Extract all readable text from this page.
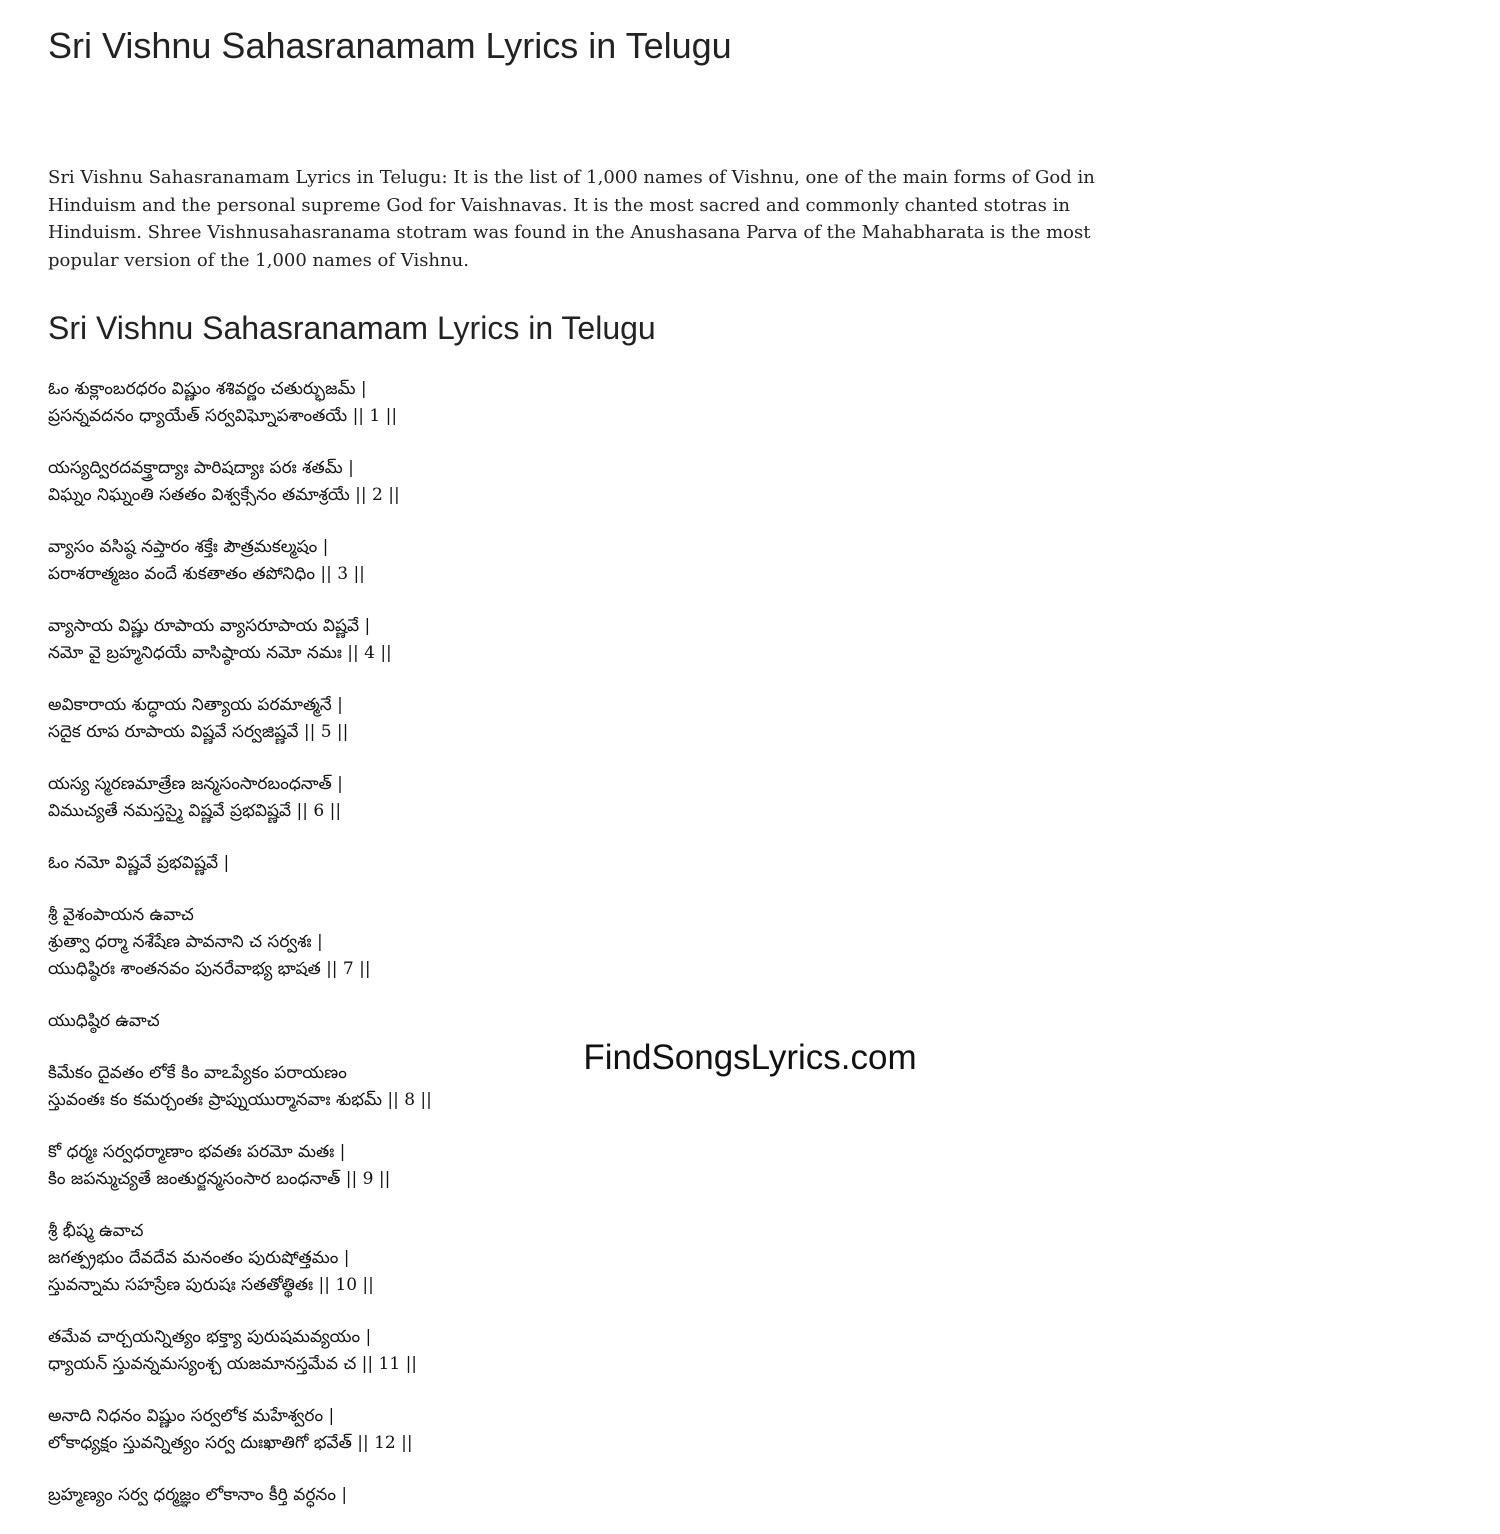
Sri Vishnu Sahasranamam Lyrics in Telugu

Sri Vishnu Sahasranamam Lyrics in Telugu: It is the list of 1,000 names of Vishnu, one of the main forms of God in Hinduism and the personal supreme God for Vaishnavas. It is the most sacred and commonly chanted stotras in Hinduism. Shree Vishnusahasranama stotram was found in the Anushasana Parva of the Mahabharata is the most popular version of the 1,000 names of Vishnu.

Sri Vishnu Sahasranamam Lyrics in Telugu

ఓం శుక్లాంబరధరం విష్ణుం శశివర్ణం చతుర్భుజమ్ |
ప్రసన్నవదనం ధ్యాయేత్ సర్వవిఘ్నోపశాంతయే || 1 ||

యస్యద్విరదవక్త్రాద్యాః పారిషద్యాః పరః శతమ్ |
విఘ్నం నిఘ్నంతి సతతం విశ్వక్సేనం తమాశ్రయే || 2 ||

వ్యాసం వసిష్ఠ నప్తారం శక్తేః పౌత్రమకల్మషం |
పరాశరాత్మజం వందే శుకతాతం తపోనిధిం || 3 ||

వ్యాసాయ విష్ణు రూపాయ వ్యాసరూపాయ విష్ణవే |
నమో వై బ్రహ్మనిధయే వాసిష్ఠాయ నమో నమః || 4 ||

అవికారాయ శుద్ధాయ నిత్యాయ పరమాత్మనే |
సదైక రూప రూపాయ విష్ణవే సర్వజిష్ణవే || 5 ||

యస్య స్మరణమాత్రేణ జన్మసంసారబంధనాత్ |
విముచ్యతే నమస్తస్మై విష్ణవే ప్రభవిష్ణవే || 6 ||

ఓం నమో విష్ణవే ప్రభవిష్ణవే |

శ్రీ వైశంపాయన ఉవాచ
శ్రుత్వా ధర్మా నశేషేణ పావనాని చ సర్వశః |
యుధిష్ఠిరః శాంతనవం పునరేవాభ్య భాషత || 7 ||

యుధిష్ఠిర ఉవాచ

కిమేకం దైవతం లోకే కిం వాఽప్యేకం పరాయణం
స్తువంతః కం కమర్చంతః ప్రాప్నుయుర్మానవాః శుభమ్ || 8 ||

కో ధర్మః సర్వధర్మాణాం భవతః పరమో మతః |
కిం జపన్ముచ్యతే జంతుర్జన్మసంసార బంధనాత్ || 9 ||

శ్రీ భీష్మ ఉవాచ
జగత్ప్రభుం దేవదేవ మనంతం పురుషోత్తమం |
స్తువన్నామ సహస్రేణ పురుషః సతతోత్థితః || 10 ||

తమేవ చార్చయన్నిత్యం భక్త్యా పురుషమవ్యయం |
ధ్యాయన్ స్తువన్నమస్యంశ్చ యజమానస్తమేవ చ || 11 ||

అనాది నిధనం విష్ణుం సర్వలోక మహేశ్వరం |
లోకాధ్యక్షం స్తువన్నిత్యం సర్వ దుఃఖాతిగో భవేత్ || 12 ||

బ్రహ్మణ్యం సర్వ ధర్మజ్ఞం లోకానాం కీర్తి వర్ధనం |

FindSongsLyrics.com
